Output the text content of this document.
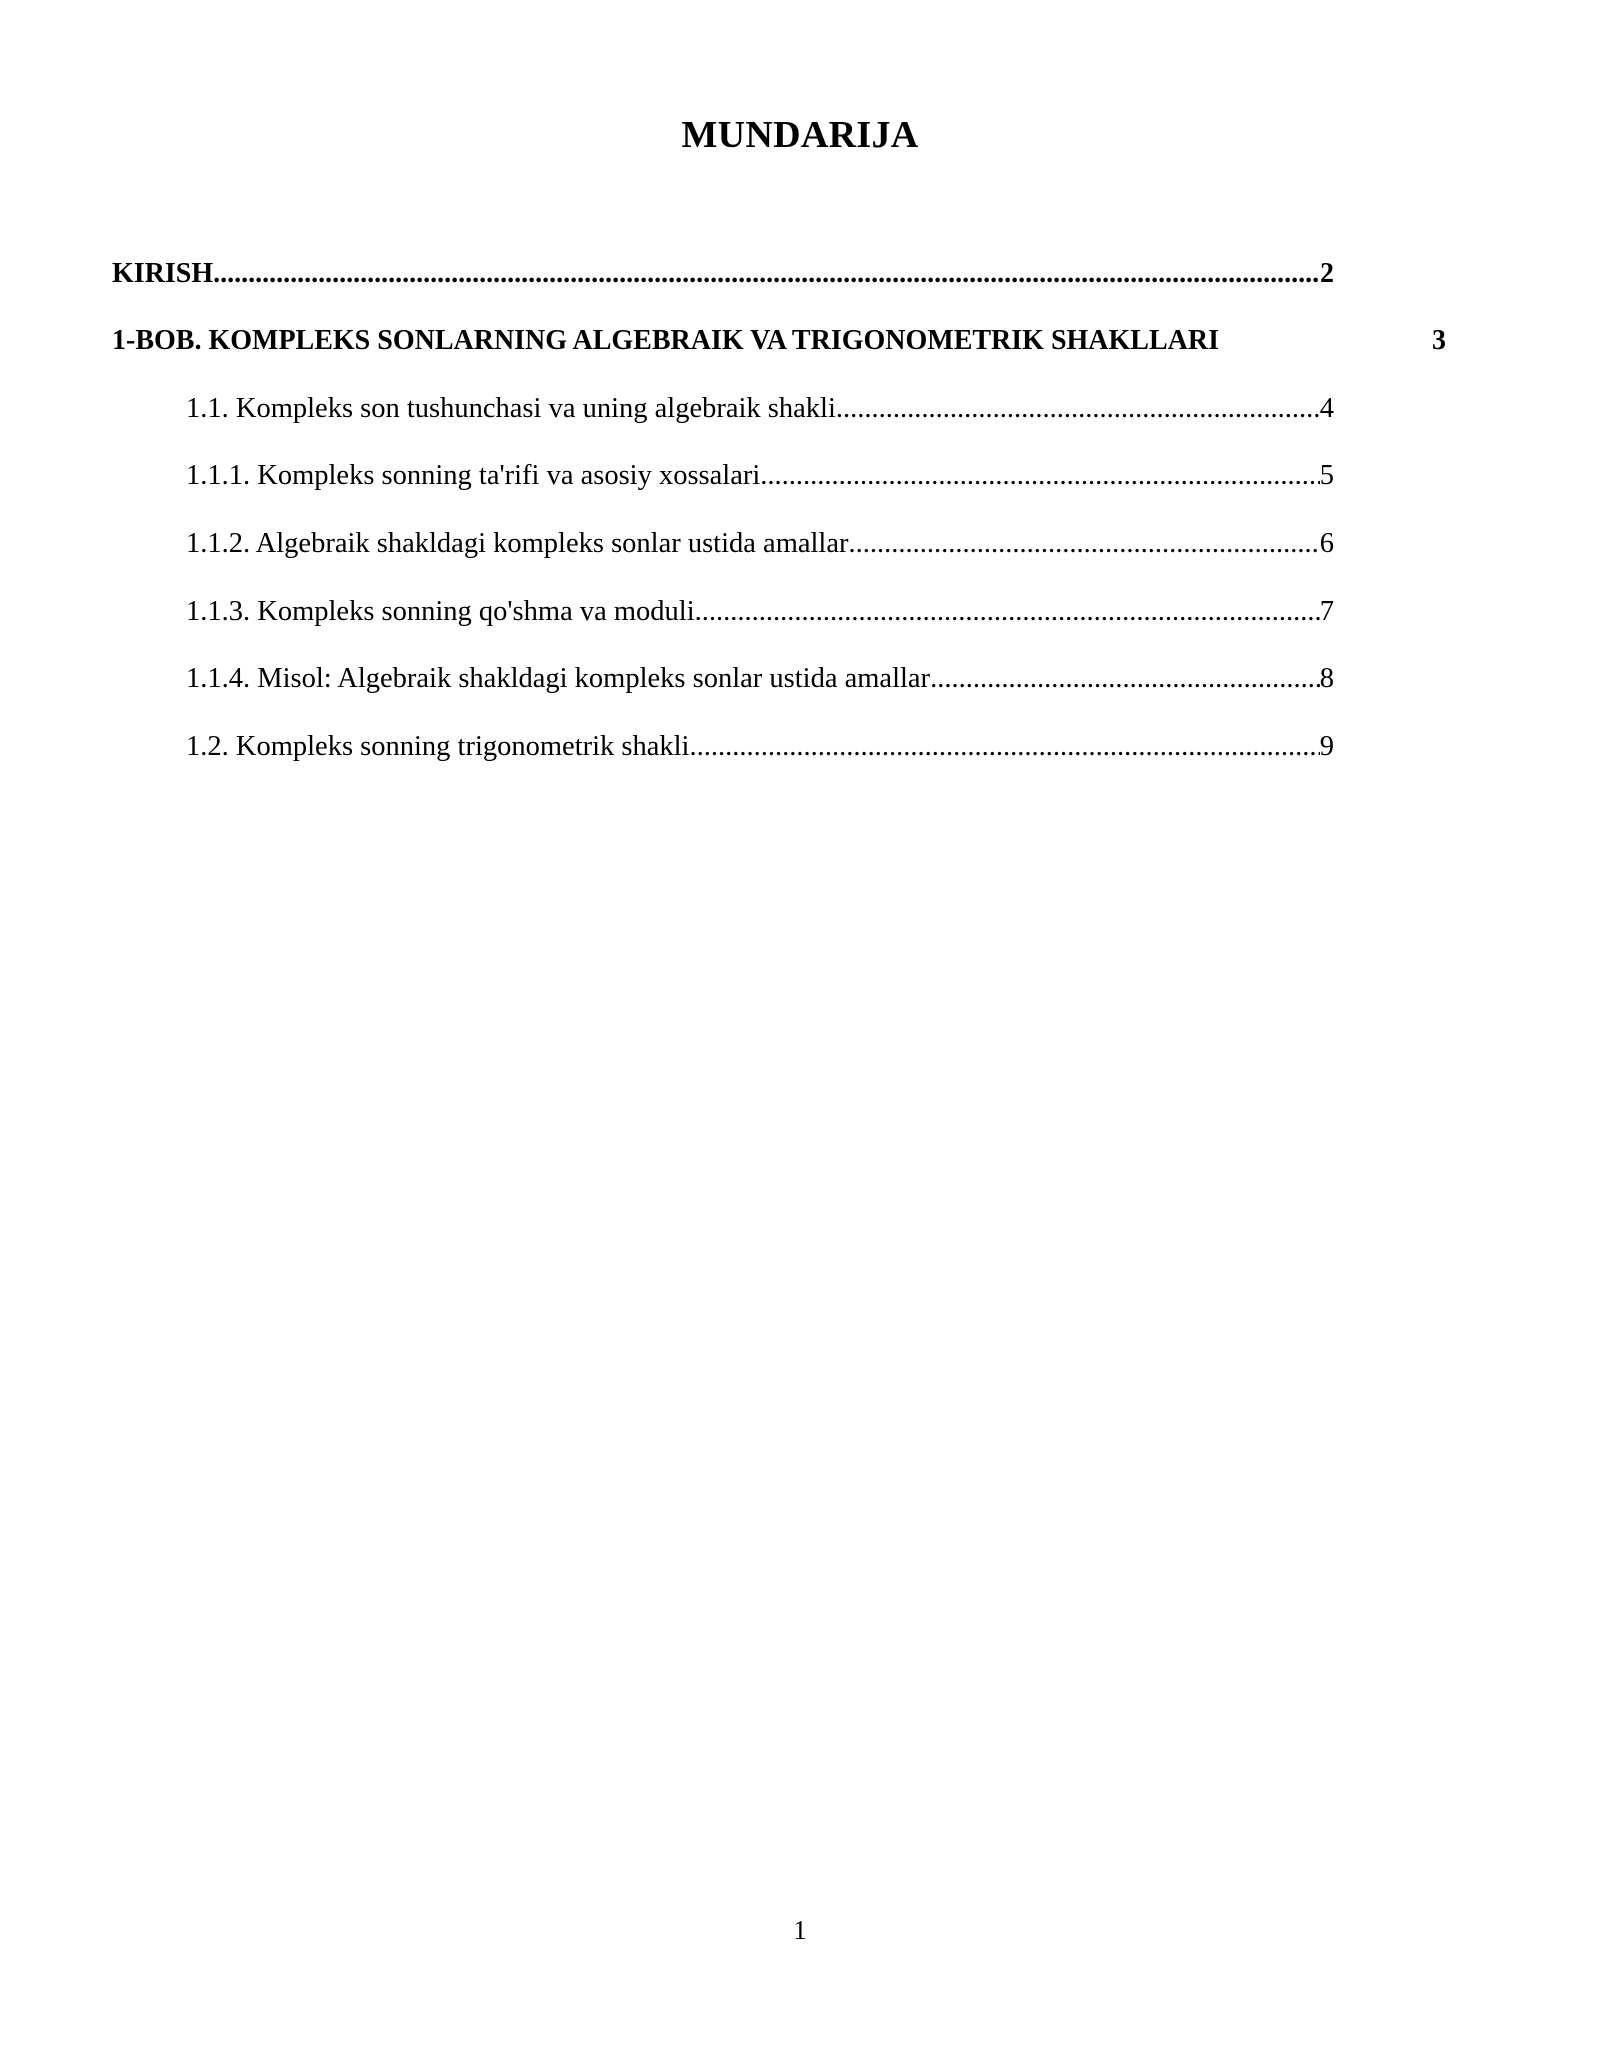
MUNDARIJA
KIRISH .....	2
1-BOB. KOMPLEKS SONLARNING ALGEBRAIK VA TRIGONOMETRIK SHAKLLARI	3
1.1. Kompleks son tushunchasi va uning algebraik shakli .....	4
1.1.1. Kompleks sonning ta'rifi va asosiy xossalari .....	5
1.1.2. Algebraik shakldagi kompleks sonlar ustida amallar .....	6
1.1.3. Kompleks sonning qo'shma va moduli .....	7
1.1.4. Misol: Algebraik shakldagi kompleks sonlar ustida amallar .....	8
1.2. Kompleks sonning trigonometrik shakli .....	9
1
